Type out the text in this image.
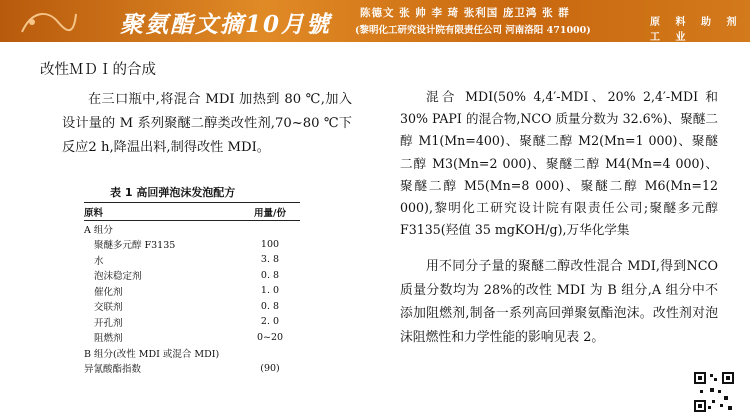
聚氨酯文摘10月號	陈德文 张 帅 李 琦 张利国 庞卫鸿 张 群
(黎明化工研究设计院有限责任公司 河南洛阳 471000)
原 料 助 剂 工 业
改性ＭＤＩ的合成

在三口瓶中,将混合 MDI 加热到 80 ℃,加入设计量的 M 系列聚醚二醇类改性剂,70~80 ℃下反应2 h,降温出料,制得改性 MDI。

表 1 高回弹泡沫发泡配方
原料	用量/份
A 组分
聚醚多元醇 F3135	100
水	3. 8
泡沫稳定剂	0. 8
催化剂	1. 0
交联剂	0. 8
开孔剂	2. 0
阻燃剂	0~20
B 组分(改性 MDI 或混合 MDI)
异氰酸酯指数	(90)

混合 MDI(50% 4,4′-MDI、20% 2,4′-MDI 和30% PAPI 的混合物,NCO 质量分数为 32.6%)、聚醚二醇 M1(Mn=400)、聚醚二醇 M2(Mn=1 000)、聚醚二醇 M3(Mn=2 000)、聚醚二醇 M4(Mn=4 000)、聚醚二醇 M5(Mn=8 000)、聚醚二醇 M6(Mn=12 000),黎明化工研究设计院有限责任公司;聚醚多元醇 F3135(羟值 35 mgKOH/g),万华化学集

用不同分子量的聚醚二醇改性混合 MDI,得到NCO 质量分数均为 28%的改性 MDI 为 B 组分,A 组分中不添加阻燃剂,制备一系列高回弹聚氨酯泡沫。改性剂对泡沫阻燃性和力学性能的影响见表 2。
